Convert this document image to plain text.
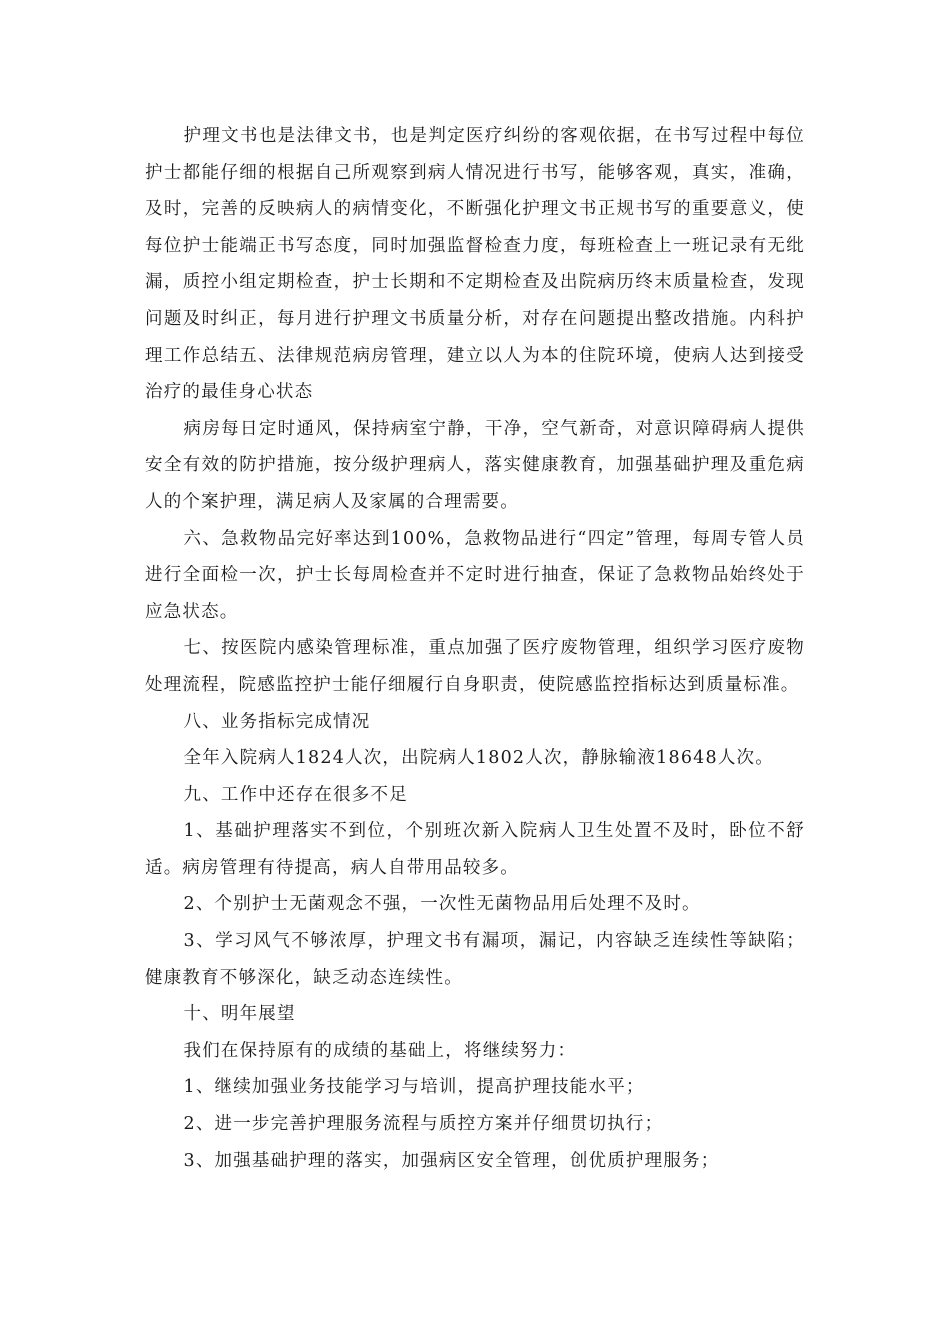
护理文书也是法律文书，也是判定医疗纠纷的客观依据，在书写过程中每位护士都能仔细的根据自己所观察到病人情况进行书写，能够客观，真实，准确，及时，完善的反映病人的病情变化，不断强化护理文书正规书写的重要意义，使每位护士能端正书写态度，同时加强监督检查力度，每班检查上一班记录有无纰漏，质控小组定期检查，护士长期和不定期检查及出院病历终末质量检查，发现问题及时纠正，每月进行护理文书质量分析，对存在问题提出整改措施。内科护理工作总结五、法律规范病房管理，建立以人为本的住院环境，使病人达到接受治疗的最佳身心状态

病房每日定时通风，保持病室宁静，干净，空气新奇，对意识障碍病人提供安全有效的防护措施，按分级护理病人，落实健康教育，加强基础护理及重危病人的个案护理，满足病人及家属的合理需要。

六、急救物品完好率达到100%，急救物品进行“四定”管理，每周专管人员进行全面检一次，护士长每周检查并不定时进行抽查，保证了急救物品始终处于应急状态。

七、按医院内感染管理标准，重点加强了医疗废物管理，组织学习医疗废物处理流程，院感监控护士能仔细履行自身职责，使院感监控指标达到质量标准。

八、业务指标完成情况

全年入院病人1824人次，出院病人1802人次，静脉输液18648人次。

九、工作中还存在很多不足

1、基础护理落实不到位，个别班次新入院病人卫生处置不及时，卧位不舒适。病房管理有待提高，病人自带用品较多。

2、个别护士无菌观念不强，一次性无菌物品用后处理不及时。

3、学习风气不够浓厚，护理文书有漏项，漏记，内容缺乏连续性等缺陷；健康教育不够深化，缺乏动态连续性。

十、明年展望

我们在保持原有的成绩的基础上，将继续努力：

1、继续加强业务技能学习与培训，提高护理技能水平；

2、进一步完善护理服务流程与质控方案并仔细贯切执行；

3、加强基础护理的落实，加强病区安全管理，创优质护理服务；
